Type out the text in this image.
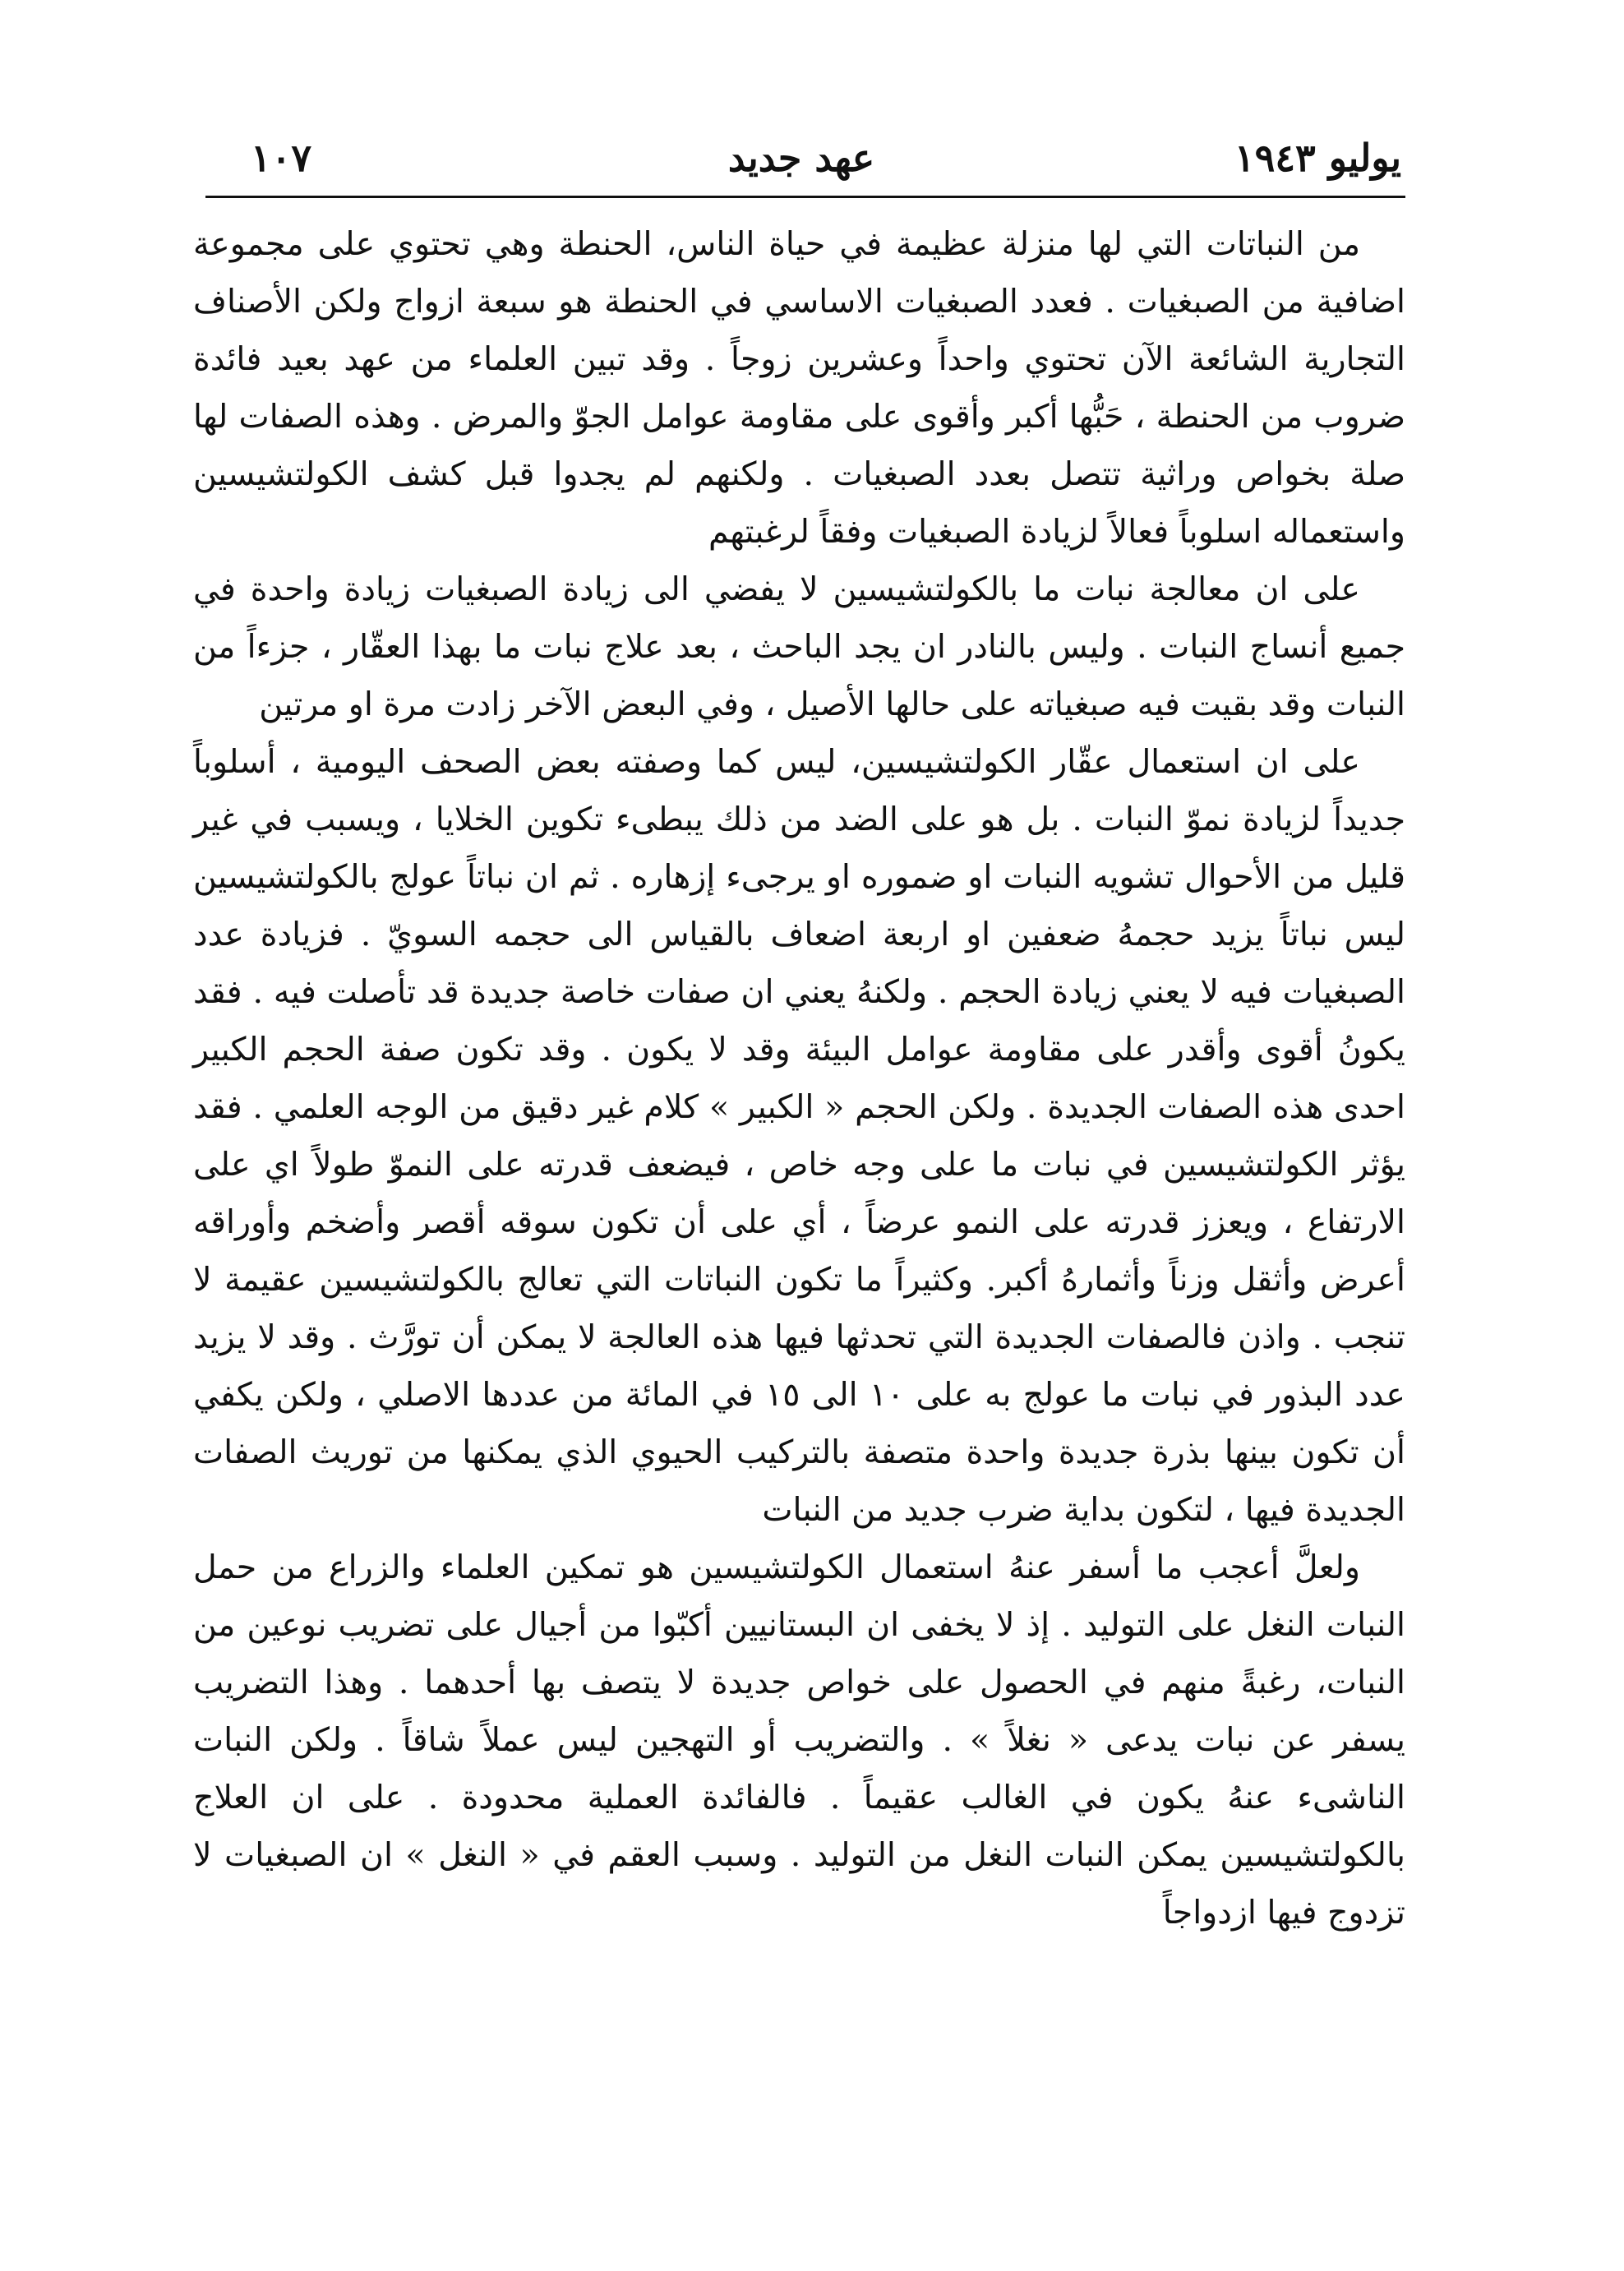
يوليو ١٩٤٣
عهد جديد
١٠٧

من النباتات التي لها منزلة عظيمة في حياة الناس، الحنطة وهي تحتوي على مجموعة اضافية من الصبغيات . فعدد الصبغيات الاساسي في الحنطة هو سبعة ازواج ولكن الأصناف التجارية الشائعة الآن تحتوي واحداً وعشرين زوجاً . وقد تبين العلماء من عهد بعيد فائدة ضروب من الحنطة ، حَبُّها أكبر وأقوى على مقاومة عوامل الجوّ والمرض . وهذه الصفات لها صلة بخواص وراثية تتصل بعدد الصبغيات . ولكنهم لم يجدوا قبل كشف الكولتشيسين واستعماله اسلوباً فعالاً لزيادة الصبغيات وفقاً لرغبتهم

على ان معالجة نبات ما بالكولتشيسين لا يفضي الى زيادة الصبغيات زيادة واحدة في جميع أنساج النبات . وليس بالنادر ان يجد الباحث ، بعد علاج نبات ما بهذا العقّار ، جزءاً من النبات وقد بقيت فيه صبغياته على حالها الأصيل ، وفي البعض الآخر زادت مرة او مرتين

على ان استعمال عقّار الكولتشيسين، ليس كما وصفته بعض الصحف اليومية ، أسلوباً جديداً لزيادة نموّ النبات . بل هو على الضد من ذلك يبطىء تكوين الخلايا ، ويسبب في غير قليل من الأحوال تشويه النبات او ضموره او يرجىء إزهاره . ثم ان نباتاً عولج بالكولتشيسين ليس نباتاً يزيد حجمهُ ضعفين او اربعة اضعاف بالقياس الى حجمه السويّ . فزيادة عدد الصبغيات فيه لا يعني زيادة الحجم . ولكنهُ يعني ان صفات خاصة جديدة قد تأصلت فيه . فقد يكونُ أقوى وأقدر على مقاومة عوامل البيئة وقد لا يكون . وقد تكون صفة الحجم الكبير احدى هذه الصفات الجديدة . ولكن الحجم « الكبير » كلام غير دقيق من الوجه العلمي . فقد يؤثر الكولتشيسين في نبات ما على وجه خاص ، فيضعف قدرته على النموّ طولاً اي على الارتفاع ، ويعزز قدرته على النمو عرضاً ، أي على أن تكون سوقه أقصر وأضخم وأوراقه أعرض وأثقل وزناً وأثمارهُ أكبر. وكثيراً ما تكون النباتات التي تعالج بالكولتشيسين عقيمة لا تنجب . واذن فالصفات الجديدة التي تحدثها فيها هذه العالجة لا يمكن أن تورَّث . وقد لا يزيد عدد البذور في نبات ما عولج به على ١٠ الى ١٥ في المائة من عددها الاصلي ، ولكن يكفي أن تكون بينها بذرة جديدة واحدة متصفة بالتركيب الحيوي الذي يمكنها من توريث الصفات الجديدة فيها ، لتكون بداية ضرب جديد من النبات

ولعلَّ أعجب ما أسفر عنهُ استعمال الكولتشيسين هو تمكين العلماء والزراع من حمل النبات النغل على التوليد . إذ لا يخفى ان البستانيين أكبّوا من أجيال على تضريب نوعين من النبات، رغبةً منهم في الحصول على خواص جديدة لا يتصف بها أحدهما . وهذا التضريب يسفر عن نبات يدعى « نغلاً » . والتضريب أو التهجين ليس عملاً شاقاً . ولكن النبات الناشىء عنهُ يكون في الغالب عقيماً . فالفائدة العملية محدودة . على ان العلاج بالكولتشيسين يمكن النبات النغل من التوليد . وسبب العقم في « النغل » ان الصبغيات لا تزدوج فيها ازدواجاً
